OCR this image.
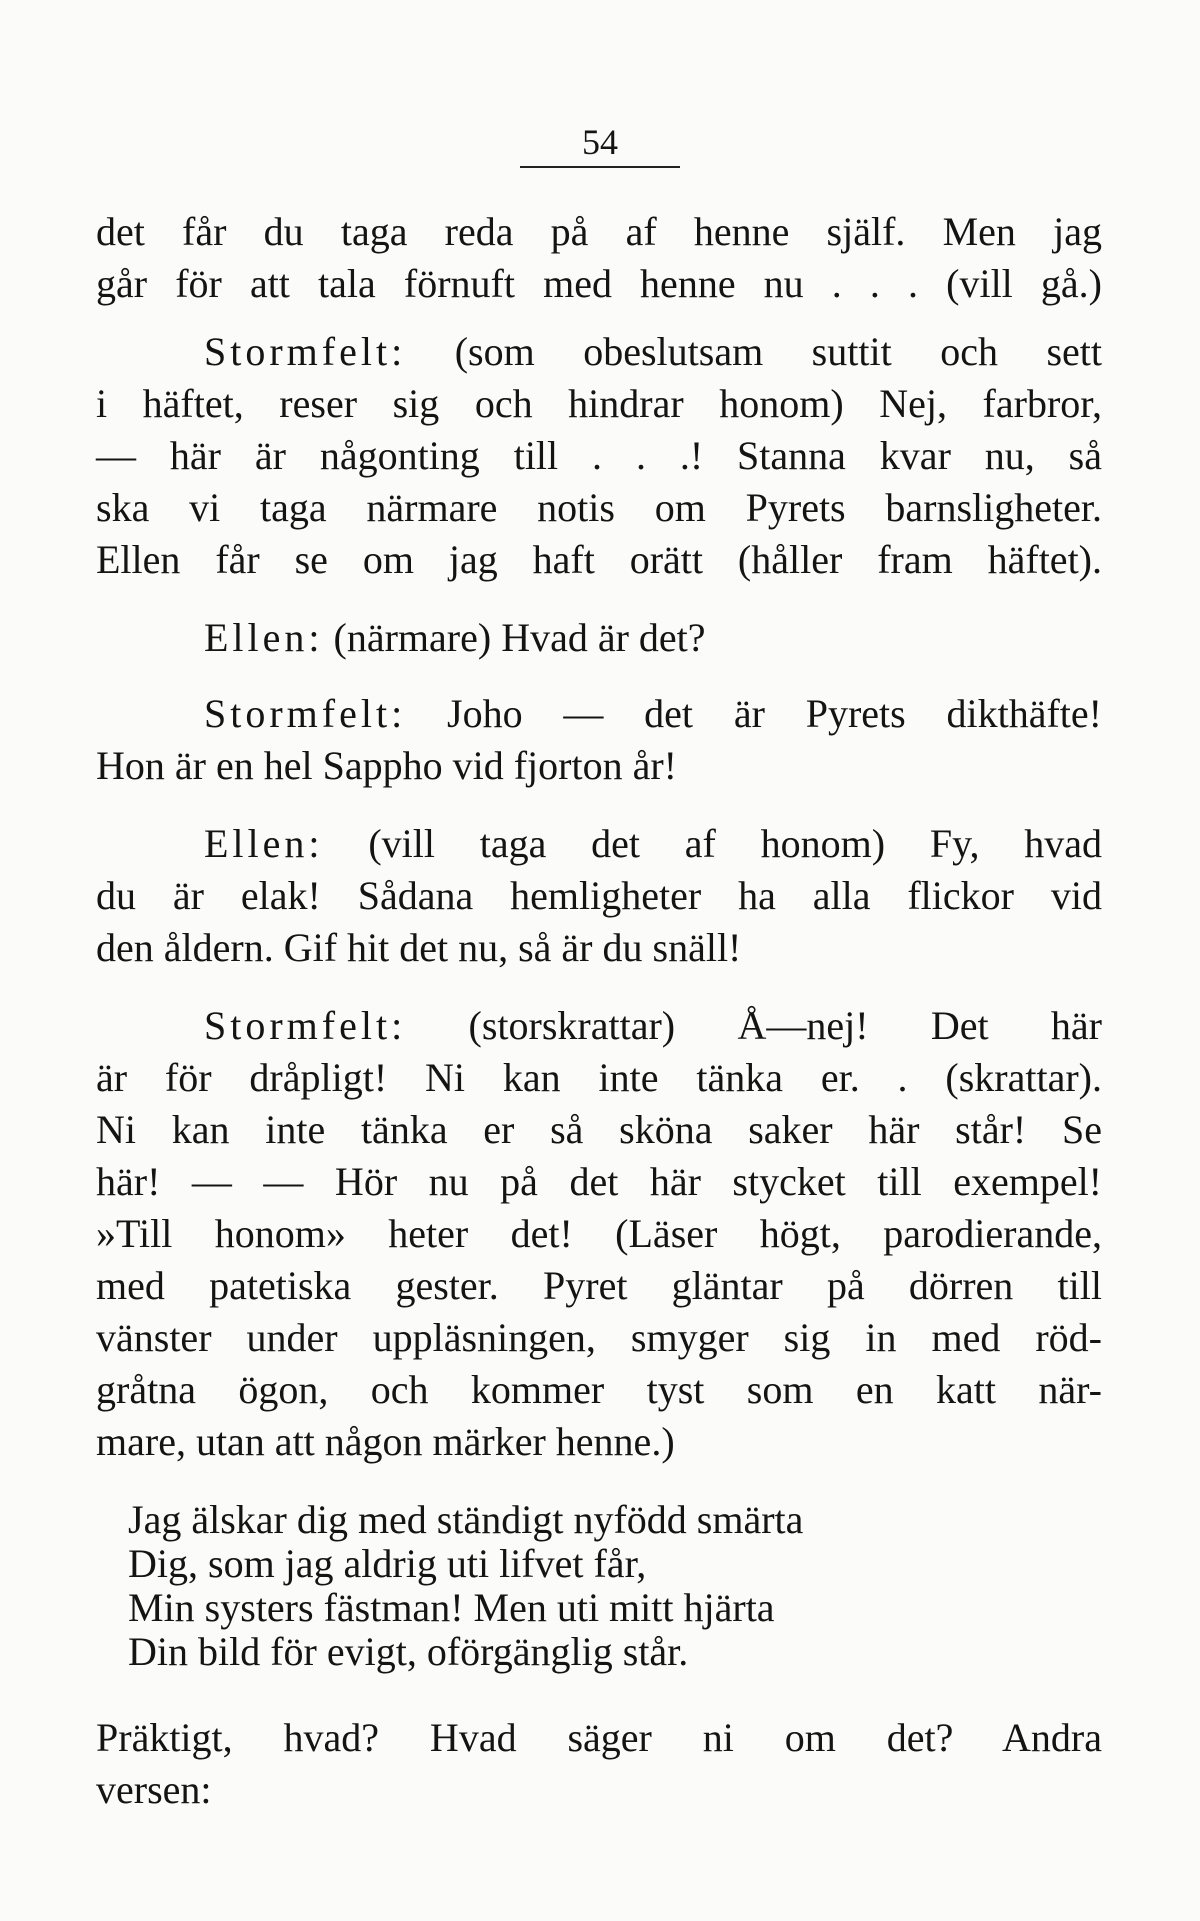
54
det får du taga reda på af henne själf. Men jag
går för att tala förnuft med henne nu . . . (vill gå.)
Stormfelt: (som obeslutsam suttit och sett
i häftet, reser sig och hindrar honom) Nej, farbror,
— här är någonting till . . .! Stanna kvar nu, så
ska vi taga närmare notis om Pyrets barnsligheter.
Ellen får se om jag haft orätt (håller fram häftet).
Ellen: (närmare) Hvad är det?
Stormfelt: Joho — det är Pyrets dikthäfte!
Hon är en hel Sappho vid fjorton år!
Ellen: (vill taga det af honom) Fy, hvad
du är elak! Sådana hemligheter ha alla flickor vid
den åldern. Gif hit det nu, så är du snäll!
Stormfelt: (storskrattar) Å—nej! Det här
är för dråpligt! Ni kan inte tänka er. . (skrattar).
Ni kan inte tänka er så sköna saker här står! Se
här! — — Hör nu på det här stycket till exempel!
»Till honom» heter det! (Läser högt, parodierande,
med patetiska gester. Pyret gläntar på dörren till
vänster under uppläsningen, smyger sig in med röd-
gråtna ögon, och kommer tyst som en katt när-
mare, utan att någon märker henne.)
Jag älskar dig med ständigt nyfödd smärta
Dig, som jag aldrig uti lifvet får,
Min systers fästman! Men uti mitt hjärta
Din bild för evigt, oförgänglig står.
Präktigt, hvad? Hvad säger ni om det? Andra
versen:
